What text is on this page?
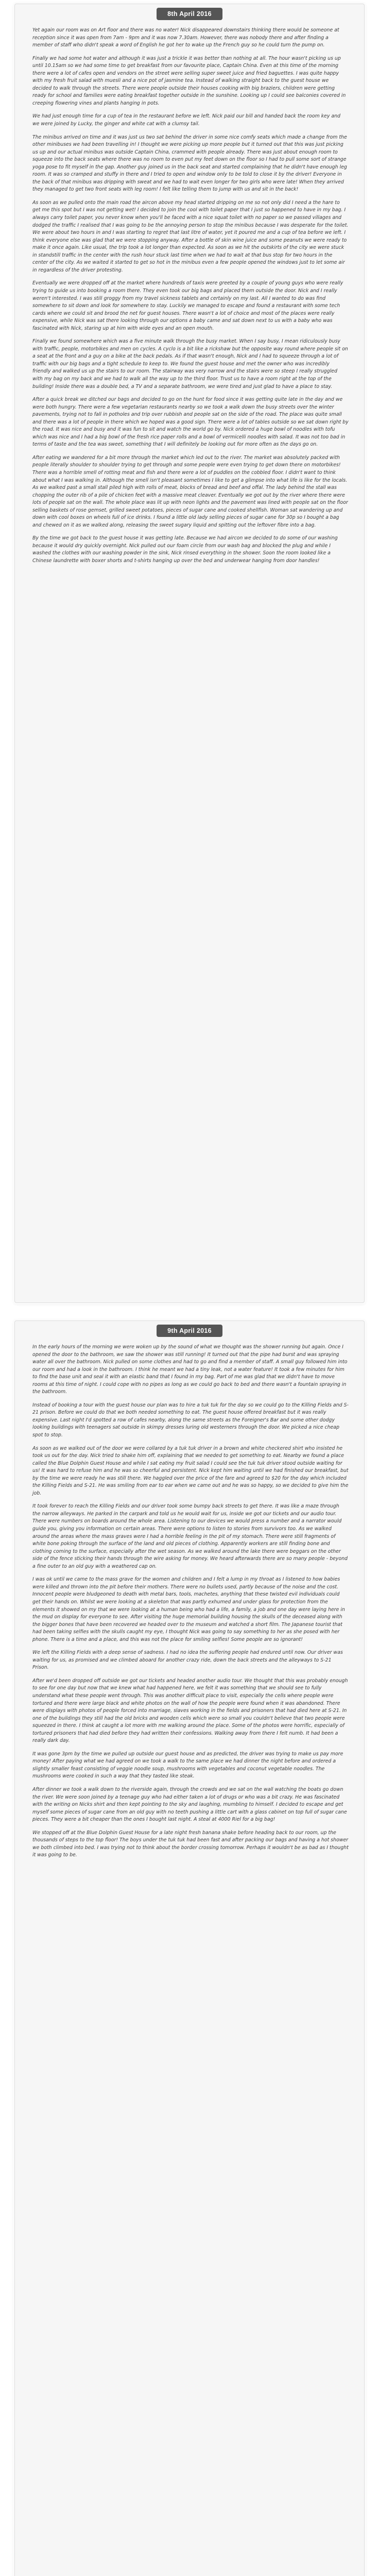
8th April 2016

Yet again our room was on Art floor and there was no water! Nick disappeared downstairs thinking there would be someone at reception since it was open from 7am - 9pm and it was now 7.30am. However, there was nobody there and after finding a member of staff who didn't speak a word of English he got her to wake up the French guy so he could turn the pump on.

Finally we had some hot water and although it was just a trickle it was better than nothing at all. The hour wasn't picking us up until 10.15am so we had some time to get breakfast from our favourite place, Captain China. Even at this time of the morning there were a lot of cafes open and vendors on the street were selling super sweet juice and fried baguettes. I was quite happy with my fresh fruit salad with muesli and a nice pot of jasmine tea. Instead of walking straight back to the guest house we decided to walk through the streets. There were people outside their houses cooking with big braziers, children were getting ready for school and families were eating breakfast together outside in the sunshine. Looking up I could see balconies covered in creeping flowering vines and plants hanging in pots.

We had just enough time for a cup of tea in the restaurant before we left. Nick paid our bill and handed back the room key and we were joined by Lucky, the ginger and white cat with a clumsy tail.

The minibus arrived on time and it was just us two sat behind the driver in some nice comfy seats which made a change from the other minibuses we had been travelling in! I thought we were picking up more people but it turned out that this was just picking us up and our actual minibus was outside Captain China, crammed with people already. There was just about enough room to squeeze into the back seats where there was no room to even put my feet down on the floor so I had to pull some sort of strange yoga pose to fit myself in the gap. Another guy joined us in the back seat and started complaining that he didn't have enough leg room. It was so cramped and stuffy in there and I tried to open and window only to be told to close it by the driver! Everyone in the back of that minibus was dripping with sweat and we had to wait even longer for two girls who were late! When they arrived they managed to get two front seats with leg room! I felt like telling them to jump with us and sit in the back!

As soon as we pulled onto the main road the aircon above my head started dripping on me so not only did I need a the hare to get me this spot but I was not getting wet! I decided to join the cool with toilet paper that I just so happened to have in my bag. I always carry toilet paper, you never know when you'll be faced with a nice squat toilet with no paper so we passed villages and dodged the traffic I realised that I was going to be the annoying person to stop the minibus because I was desperate for the toilet. We were about two hours in and I was starting to regret that last litre of water, yet it poured me and a cup of tea before we left. I think everyone else was glad that we were stopping anyway. After a bottle of skin wine juice and some peanuts we were ready to make it once again. Like usual, the trip took a lot longer than expected. As soon as we hit the outskirts of the city we were stuck in standstill traffic in the center with the rush hour stuck last time when we had to wait at that bus stop for two hours in the center of the city. As we waited it started to get so hot in the minibus even a few people opened the windows just to let some air in regardless of the driver protesting.

Eventually we were dropped off at the market where hundreds of taxis were greeted by a couple of young guys who were really trying to guide us into booking a room there. They even took our big bags and placed them outside the door. Nick and I really weren't interested. I was still groggy from my travel sickness tablets and certainly on my last. All I wanted to do was find somewhere to sit down and look for somewhere to stay. Luckily we managed to escape and found a restaurant with some tech cards where we could sit and brood the net for guest houses. There wasn't a lot of choice and most of the places were really expensive, while Nick was sat there looking through our options a baby came and sat down next to us with a baby who was fascinated with Nick, staring up at him with wide eyes and an open mouth.

Finally we found somewhere which was a five minute walk through the busy market. When I say busy, I mean ridiculously busy with traffic, people, motorbikes and men on cycles. A cyclo is a bit like a rickshaw but the opposite way round where people sit on a seat at the front and a guy on a bike at the back pedals. As if that wasn't enough, Nick and I had to squeeze through a lot of traffic with our big bags and a tight schedule to keep to. We found the guest house and met the owner who was incredibly friendly and walked us up the stairs to our room. The stairway was very narrow and the stairs were so steep I really struggled with my bag on my back and we had to walk all the way up to the third floor. Trust us to have a room right at the top of the building! Inside there was a double bed, a TV and a separate bathroom, we were tired and just glad to have a place to stay.

After a quick break we ditched our bags and decided to go on the hunt for food since it was getting quite late in the day and we were both hungry. There were a few vegetarian restaurants nearby so we took a walk down the busy streets over the winter pavements, trying not to fall in potholes and trip over rubbish and people sat on the side of the road. The place was quite small and there was a lot of people in there which we hoped was a good sign. There were a lot of tables outside so we sat down right by the road. It was nice and busy and it was fun to sit and watch the world go by. Nick ordered a huge bowl of noodles with tofu which was nice and I had a big bowl of the fresh rice paper rolls and a bowl of vermicelli noodles with salad. It was not too bad in terms of taste and the tea was sweet, something that I will definitely be looking out for more often as the days go on.

After eating we wandered for a bit more through the market which led out to the river. The market was absolutely packed with people literally shoulder to shoulder trying to get through and some people were even trying to get down there on motorbikes! There was a horrible smell of rotting meat and fish and there were a lot of puddles on the cobbled floor. I didn't want to think about what I was walking in. Although the smell isn't pleasant sometimes I like to get a glimpse into what life is like for the locals. As we walked past a small stall piled high with rolls of meat, blocks of bread and beef and offal. The lady behind the stall was chopping the outer rib of a pile of chicken feet with a massive meat cleaver. Eventually we got out by the river where there were lots of people sat on the wall. The whole place was lit up with neon lights and the pavement was lined with people sat on the floor selling baskets of rose gemset, grilled sweet potatoes, pieces of sugar cane and cooked shellfish. Woman sat wandering up and down with cool boxes on wheels full of ice drinks. I found a little old lady selling pieces of sugar cane for 30p so I bought a bag and chewed on it as we walked along, releasing the sweet sugary liquid and spitting out the leftover fibre into a bag.

By the time we got back to the guest house it was getting late. Because we had aircon we decided to do some of our washing because it would dry quickly overnight. Nick pulled out our foam circle from our wash bag and blocked the plug and while I washed the clothes with our washing powder in the sink, Nick rinsed everything in the shower. Soon the room looked like a Chinese laundrette with boxer shorts and t-shirts hanging up over the bed and underwear hanging from door handles!

9th April 2016

In the early hours of the morning we were woken up by the sound of what we thought was the shower running but again. Once I opened the door to the bathroom, we saw the shower was still running! It turned out that the pipe had burst and was spraying water all over the bathroom. Nick pulled on some clothes and had to go and find a member of staff. A small guy followed him into our room and had a look in the bathroom. I think he meant we had a tiny leak, not a water feature! It took a few minutes for him to find the base unit and seal it with an elastic band that I found in my bag. Part of me was glad that we didn't have to move rooms at this time of night. I could cope with no pipes as long as we could go back to bed and there wasn't a fountain spraying in the bathroom.

Instead of booking a tour with the guest house our plan was to hire a tuk tuk for the day so we could go to the Killing Fields and S-21 prison. Before we could do that we both needed something to eat. The guest house offered breakfast but it was really expensive. Last night I'd spotted a row of cafes nearby, along the same streets as the Foreigner's Bar and some other dodgy looking buildings with teenagers sat outside in skimpy dresses luring old westerners through the door. We picked a nice cheap spot to stop.

As soon as we walked out of the door we were collared by a tuk tuk driver in a brown and white checkered shirt who insisted he took us out for the day. Nick tried to shake him off, explaining that we needed to get something to eat. Nearby we found a place called the Blue Dolphin Guest House and while I sat eating my fruit salad I could see the tuk tuk driver stood outside waiting for us! It was hard to refuse him and he was so cheerful and persistent. Nick kept him waiting until we had finished our breakfast, but by the time we were ready he was still there. We haggled over the price of the fare and agreed to $20 for the day which included the Killing Fields and S-21. He was smiling from ear to ear when we came out and he was so happy, so we decided to give him the job.

It took forever to reach the Killing Fields and our driver took some bumpy back streets to get there. It was like a maze through the narrow alleyways. He parked in the carpark and told us he would wait for us, inside we got our tickets and our audio tour. There were numbers on boards around the whole area. Listening to our devices we would press a number and a narrator would guide you, giving you information on certain areas. There were options to listen to stories from survivors too. As we walked around the areas where the mass graves were I had a horrible feeling in the pit of my stomach. There were still fragments of white bone poking through the surface of the land and old pieces of clothing. Apparently workers are still finding bone and clothing coming to the surface, especially after the wet season. As we walked around the lake there were beggars on the other side of the fence sticking their hands through the wire asking for money. We heard afterwards there are so many people - beyond a fine outer to an old guy with a weathered cap on.

I was ok until we came to the mass grave for the women and children and I felt a lump in my throat as I listened to how babies were killed and thrown into the pit before their mothers. There were no bullets used, partly because of the noise and the cost. Innocent people were bludgeoned to death with metal bars, tools, machetes, anything that these twisted evil individuals could get their hands on. Whilst we were looking at a skeleton that was partly exhumed and under glass for protection from the elements it showed on my that we were looking at a human being who had a life, a family, a job and one day were laying here in the mud on display for everyone to see. After visiting the huge memorial building housing the skulls of the deceased along with the bigger bones that have been recovered we headed over to the museum and watched a short film. The Japanese tourist that had been taking selfies with the skulls caught my eye, I thought Nick was going to say something to her as she posed with her phone. There is a time and a place, and this was not the place for smiling selfies! Some people are so ignorant!

We left the Killing Fields with a deep sense of sadness. I had no idea the suffering people had endured until now. Our driver was waiting for us, as promised and we climbed aboard for another crazy ride, down the back streets and the alleyways to S-21 Prison.

After we'd been dropped off outside we got our tickets and headed another audio tour. We thought that this was probably enough to see for one day but now that we knew what had happened here, we felt it was something that we should see to fully understand what these people went through. This was another difficult place to visit, especially the cells where people were tortured and there were large black and white photos on the wall of how the people were found when it was abandoned. There were displays with photos of people forced into marriage, slaves working in the fields and prisoners that had died here at S-21. In one of the buildings they still had the old bricks and wooden cells which were so small you couldn't believe that two people were squeezed in there. I think at caught a lot more with me walking around the place. Some of the photos were horrific, especially of tortured prisoners that had died before they had written their confessions. Walking away from there I felt numb. It had been a really dark day.

It was gone 3pm by the time we pulled up outside our guest house and as predicted, the driver was trying to make us pay more money! After paying what we had agreed on we took a walk to the same place we had dinner the night before and ordered a slightly smaller feast consisting of veggie noodle soup, mushrooms with vegetables and coconut vegetable noodles. The mushrooms were cooked in such a way that they tasted like steak.

After dinner we took a walk down to the riverside again, through the crowds and we sat on the wall watching the boats go down the river. We were soon joined by a teenage guy who had either taken a lot of drugs or who was a bit crazy. He was fascinated with the writing on Nicks shirt and then kept pointing to the sky and laughing, mumbling to himself. I decided to escape and get myself some pieces of sugar cane from an old guy with no teeth pushing a little cart with a glass cabinet on top full of sugar cane pieces. They were a bit cheaper than the ones I bought last night. A steal at 4000 Riel for a big bag!

We stopped off at the Blue Dolphin Guest House for a late night fresh banana shake before heading back to our room, up the thousands of steps to the top floor! The boys under the tuk tuk had been fast and after packing our bags and having a hot shower we both climbed into bed. I was trying not to think about the border crossing tomorrow. Perhaps it wouldn't be as bad as I thought it was going to be.
